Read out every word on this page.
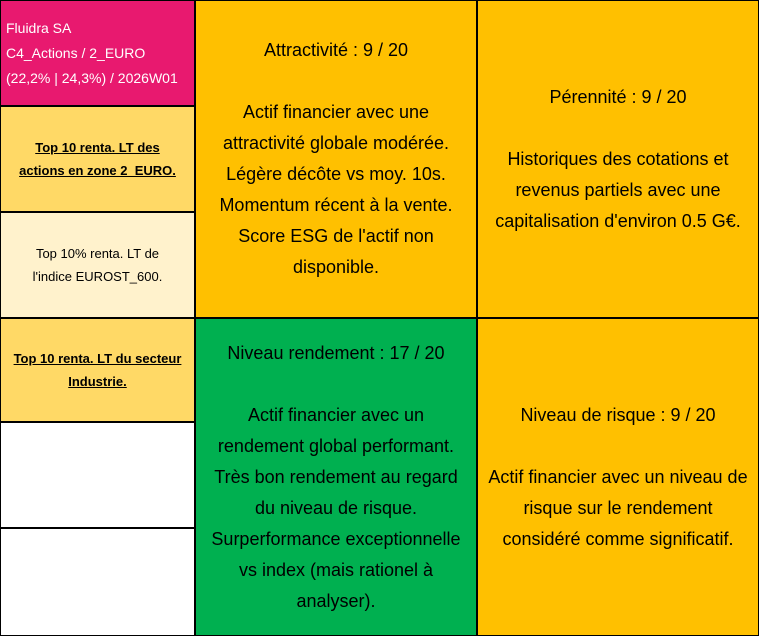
Fluidra SA
C4_Actions / 2_EURO
(22,2% | 24,3%) / 2026W01
Top 10 renta. LT des
actions en zone 2_EURO.
Top 10% renta. LT de
l'indice EUROST_600.
Top 10 renta. LT du secteur
Industrie.
Attractivité : 9 / 20
Actif financier avec une
attractivité globale modérée.
Légère décôte vs moy. 10s.
Momentum récent à la vente.
Score ESG de l'actif non
disponible.
Pérennité : 9 / 20
Historiques des cotations et
revenus partiels avec une
capitalisation d'environ 0.5 G€.
Niveau rendement : 17 / 20
Actif financier avec un
rendement global performant.
Très bon rendement au regard
du niveau de risque.
Surperformance exceptionnelle
vs index (mais rationel à
analyser).
Niveau de risque : 9 / 20
Actif financier avec un niveau de
risque sur le rendement
considéré comme significatif.
